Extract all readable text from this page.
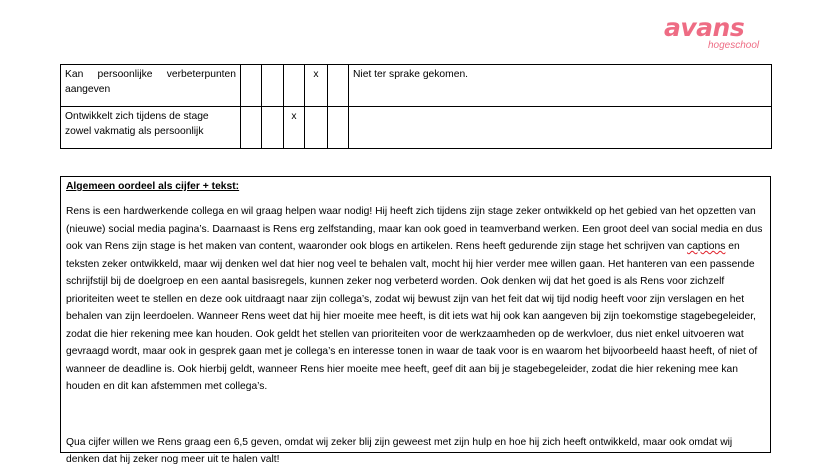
avans
hogeschool
Kan persoonlijke verbeterpunten
aangeven				x		Niet ter sprake gekomen.

Ontwikkelt zich tijdens de stage
zowel vakmatig als persoonlijk			x			
Algemeen oordeel als cijfer + tekst:
Rens is een hardwerkende collega en wil graag helpen waar nodig! Hij heeft zich tijdens zijn stage zeker ontwikkeld op het gebied van het opzetten van (nieuwe) social media pagina’s. Daarnaast is Rens erg zelfstanding, maar kan ook goed in teamverband werken. Een groot deel van social media en dus ook van Rens zijn stage is het maken van content, waaronder ook blogs en artikelen. Rens heeft gedurende zijn stage het schrijven van captions en teksten zeker ontwikkeld, maar wij denken wel dat hier nog veel te behalen valt, mocht hij hier verder mee willen gaan. Het hanteren van een passende schrijfstijl bij de doelgroep en een aantal basisregels, kunnen zeker nog verbeterd worden. Ook denken wij dat het goed is als Rens voor zichzelf prioriteiten weet te stellen en deze ook uitdraagt naar zijn collega’s, zodat wij bewust zijn van het feit dat wij tijd nodig heeft voor zijn verslagen en het behalen van zijn leerdoelen. Wanneer Rens weet dat hij hier moeite mee heeft, is dit iets wat hij ook kan aangeven bij zijn toekomstige stagebegeleider, zodat die hier rekening mee kan houden. Ook geldt het stellen van prioriteiten voor de werkzaamheden op de werkvloer, dus niet enkel uitvoeren wat gevraagd wordt, maar ook in gesprek gaan met je collega’s en interesse tonen in waar de taak voor is en waarom het bijvoorbeeld haast heeft, of niet of wanneer de deadline is. Ook hierbij geldt, wanneer Rens hier moeite mee heeft, geef dit aan bij je stagebegeleider, zodat die hier rekening mee kan houden en dit kan afstemmen met collega’s.
Qua cijfer willen we Rens graag een 6,5 geven, omdat wij zeker blij zijn geweest met zijn hulp en hoe hij zich heeft ontwikkeld, maar ook omdat wij denken dat hij zeker nog meer uit te halen valt!
